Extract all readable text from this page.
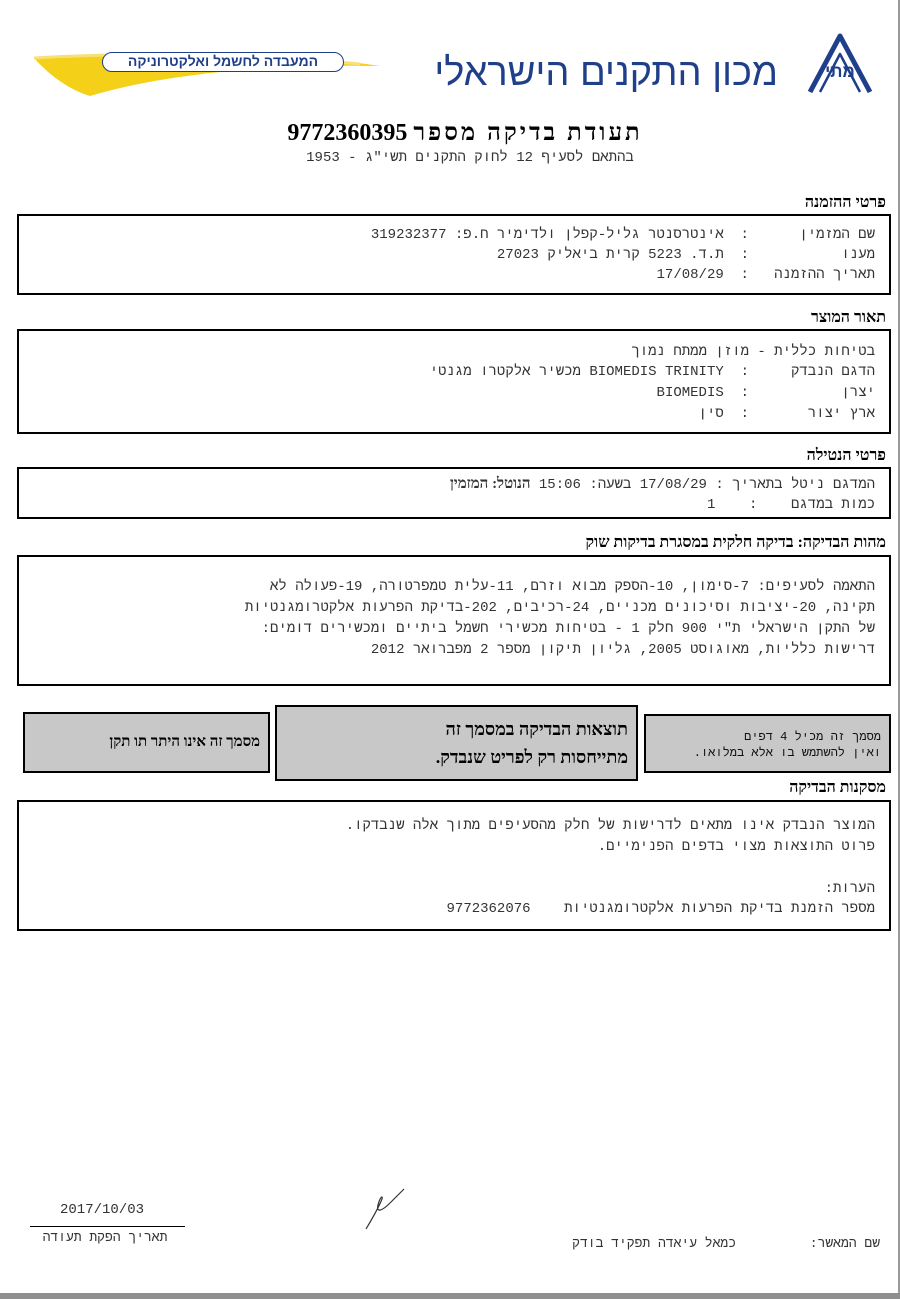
המעבדה לחשמל ואלקטרוניקה	מכון התקנים הישראלי	מתי
9772360395 תעודת בדיקה מספר
בהתאם לסעיף 12 לחוק התקנים תשי"ג - 1953
פרטי ההזמנה
שם המזמין      :  אינטרסנטר גליל-קפלן ולדימיר ח.פ: 319232377
מענו           :  ת.ד. 5223 קרית ביאליק 27023
תאריך ההזמנה   :  17/08/29
תאור המוצר
בטיחות כללית - מוזן ממתח נמוך
הדגם הנבדק     :  BIOMEDIS TRINITY מכשיר אלקטרו מגנטי
יצרן           :  BIOMEDIS
ארץ יצור       :  סין
פרטי הנטילה
המדגם ניטל בתאריך : 17/08/29 בשעה: 15:06 הנוטל: המזמין
כמות במדגם    :    1
מהות הבדיקה: בדיקה חלקית במסגרת בדיקות שוק
התאמה לסעיפים: 7-סימון, 10-הספק מבוא וזרם, 11-עלית טמפרטורה, 19-פעולה לא
תקינה, 20-יציבות וסיכונים מכניים, 24-רכיבים, 202-בדיקת הפרעות אלקטרומגנטיות
של התקן הישראלי ת"י 900 חלק 1 - בטיחות מכשירי חשמל ביתיים ומכשירים דומים:
דרישות כלליות, מאוגוסט 2005, גליון תיקון מספר 2 מפברואר 2012
מסמך זה אינו היתר תו תקן
תוצאות הבדיקה במסמך זה
מתייחסות רק לפריט שנבדק.
מסמך זה מכיל 4 דפים
ואין להשתמש בו אלא במלואו.
מסקנות הבדיקה
המוצר הנבדק אינו מתאים לדרישות של חלק מהסעיפים מתוך אלה שנבדקו.
פרוט התוצאות מצוי בדפים הפנימיים.
הערות:
מספר הזמנת בדיקת הפרעות אלקטרומגנטיות    9772362076
2017/10/03
תאריך הפקת תעודה	כמאל עיאדה תפקיד בודק	שם המאשר:
